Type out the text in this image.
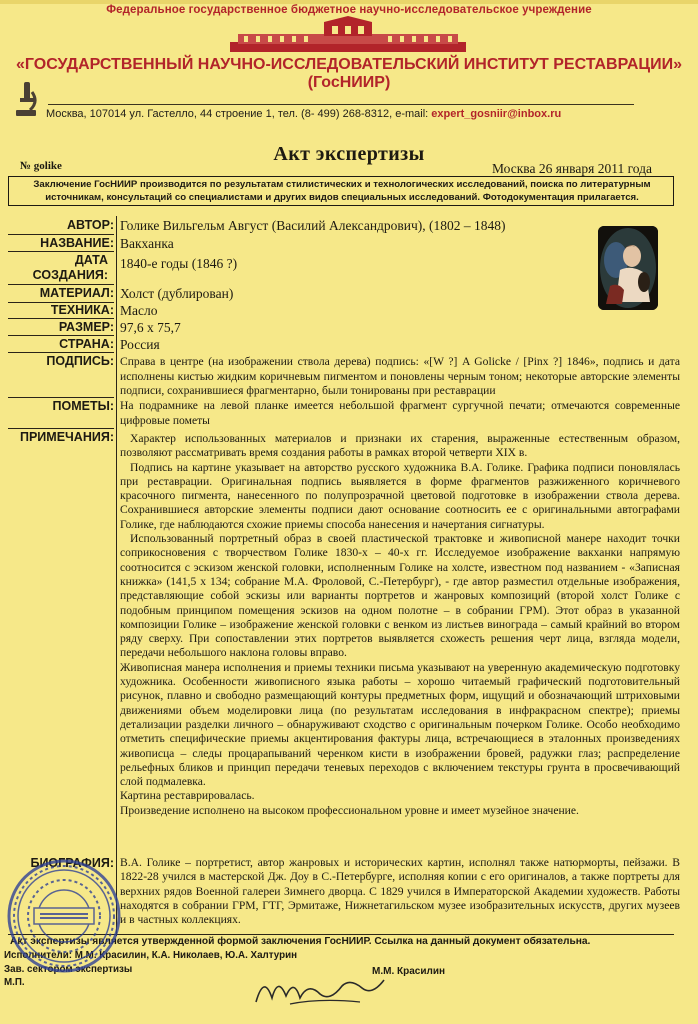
Федеральное государственное бюджетное научно-исследовательское учреждение
«ГОСУДАРСТВЕННЫЙ НАУЧНО-ИССЛЕДОВАТЕЛЬСКИЙ ИНСТИТУТ РЕСТАВРАЦИИ»
(ГосНИИР)
Москва, 107014 ул. Гастелло, 44 строение 1, тел. (8- 499) 268-8312, e-mail: expert_gosniir@inbox.ru
№ golike
Акт экспертизы
Москва 26 января 2011 года
Заключение ГосНИИР производится по результатам стилистических и технологических исследований, поиска по литературным
источникам, консультаций со специалистами и других видов специальных исследований. Фотодокументация прилагается.
АВТОР:
НАЗВАНИЕ:
ДАТА СОЗДАНИЯ:
МАТЕРИАЛ:
ТЕХНИКА:
РАЗМЕР:
СТРАНА:
ПОДПИСЬ:
ПОМЕТЫ:
ПРИМЕЧАНИЯ:
БИОГРАФИЯ:
Голике Вильгельм Август (Василий Александрович), (1802 – 1848)
Вакханка
1840-е годы (1846 ?)
Холст (дублирован)
Масло
97,6 х 75,7
Россия
Справа в центре (на изображении ствола дерева) подпись: «[W ?] A Golicke / [Pinx ?] 1846», подпись и дата исполнены кистью жидким коричневым пигментом и поновлены черным тоном; некоторые авторские элементы подписи, сохранившиеся фрагментарно, были тонированы при реставрации
На подрамнике на левой планке имеется небольшой фрагмент сургучной печати; отмечаются современные цифровые пометы

Характер использованных материалов и признаки их старения, выраженные естественным образом, позволяют рассматривать время создания работы в рамках второй четверти XIX в.

Подпись на картине указывает на авторство русского художника В.А. Голике. Графика подписи поновлялась при реставрации. Оригинальная подпись выявляется в форме фрагментов разжиженного коричневого красочного пигмента, нанесенного по полупрозрачной цветовой подготовке в изображении ствола дерева. Сохранившиеся авторские элементы подписи дают основание соотносить ее с оригинальными автографами Голике, где наблюдаются схожие приемы способа нанесения и начертания сигнатуры.

Использованный портретный образ в своей пластической трактовке и живописной манере находит точки соприкосновения с творчеством Голике 1830-х – 40-х гг. Исследуемое изображение вакханки напрямую соотносится с эскизом женской головки, исполненным Голике на холсте, известном под названием - «Записная книжка» (141,5 х 134; собрание М.А. Фроловой, С.-Петербург), - где автор разместил отдельные изображения, представляющие собой эскизы или варианты портретов и жанровых композиций (второй холст Голике с подобным принципом помещения эскизов на одном полотне – в собрании ГРМ). Этот образ в указанной композиции Голике – изображение женской головки с венком из листьев винограда – самый крайний во втором ряду сверху. При сопоставлении этих портретов выявляется схожесть решения черт лица, взгляда модели, передачи небольшого наклона головы вправо.

Живописная манера исполнения и приемы техники письма указывают на уверенную академическую подготовку художника. Особенности живописного языка работы – хорошо читаемый графический подготовительный рисунок, плавно и свободно размещающий контуры предметных форм, ищущий и обозначающий штриховыми движениями объем моделировки лица (по результатам исследования в инфракрасном спектре); приемы детализации разделки личного – обнаруживают сходство с оригинальным почерком Голике. Особо необходимо отметить специфические приемы акцентирования фактуры лица, встречающиеся в эталонных произведениях живописца – следы процарапываний черенком кисти в изображении бровей, радужки глаз; распределение рельефных бликов и принцип передачи теневых переходов с включением текстуры грунта в просвечивающий слой подмалевка.

Картина реставрировалась.

Произведение исполнено на высоком профессиональном уровне и имеет музейное значение.

В.А. Голике – портретист, автор жанровых и исторических картин, исполнял также натюрморты, пейзажи. В 1822-28 учился в мастерской Дж. Доу в С.-Петербурге, исполняя копии с его оригиналов, а также портреты для верхних рядов Военной галереи Зимнего дворца. С 1829 учился в Императорской Академии художеств. Работы находятся в собрании ГРМ, ГТГ, Эрмитаже, Нижнетагильском музее изобразительных искусств, других музеев и в частных коллекциях.
Акт экспертизы является утвержденной формой заключения ГосНИИР. Ссылка на данный документ обязательна.
Исполнители: М.М. Красилин, К.А. Николаев, Ю.А. Халтурин
Зав. сектором экспертизы
М.П.
М.М. Красилин
